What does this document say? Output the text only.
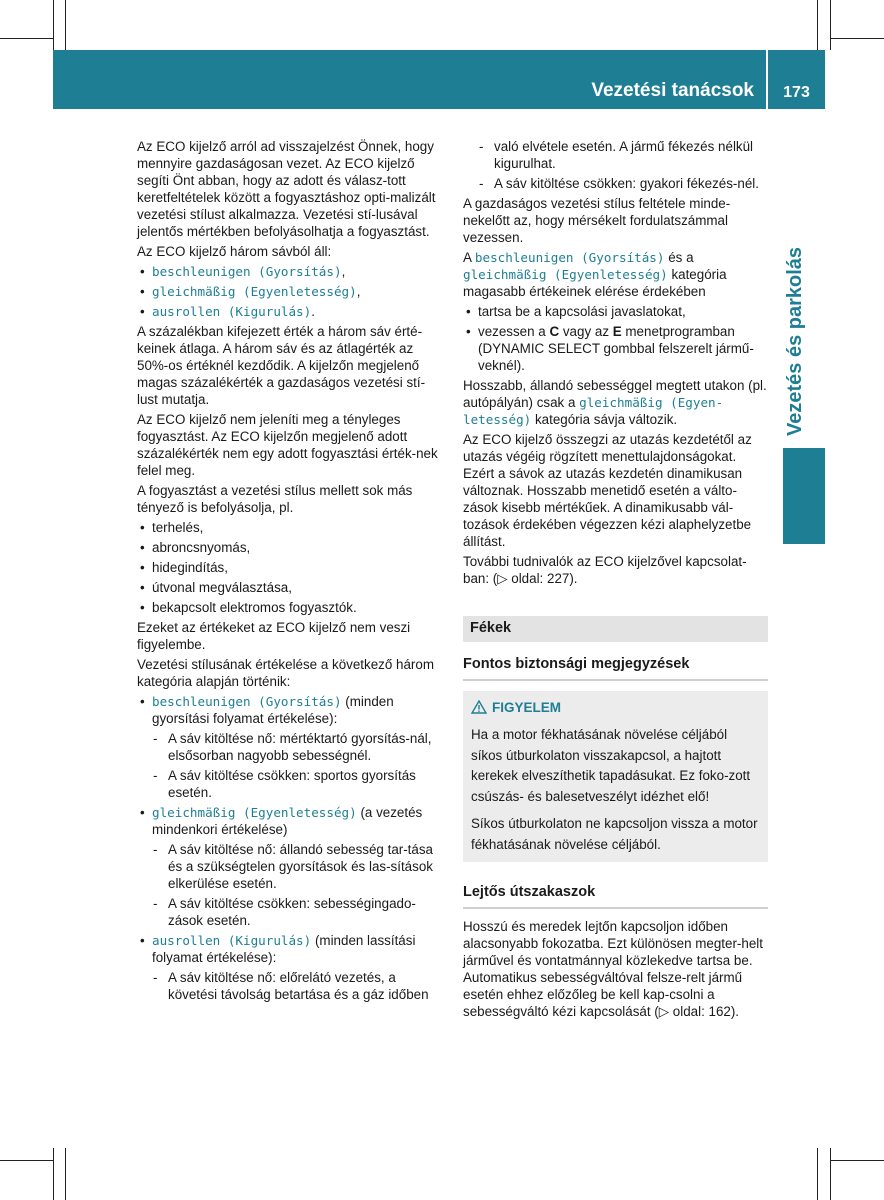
Vezetési tanácsok	173
Vezetés és parkolás

Az ECO kijelző arról ad visszajelzést Önnek, hogy mennyire gazdaságosan vezet. Az ECO kijelző segíti Önt abban, hogy az adott és válasz-tott keretfeltételek között a fogyasztáshoz opti-malizált vezetési stílust alkalmazza. Vezetési stí-lusával jelentős mértékben befolyásolhatja a fogyasztást.

Az ECO kijelző három sávból áll:

• beschleunigen (Gyorsítás),
• gleichmäßig (Egyenletesség),
• ausrollen (Kigurulás).

A százalékban kifejezett érték a három sáv érté-keinek átlaga. A három sáv és az átlagérték az 50%-os értéknél kezdődik. A kijelzőn megjelenő magas százalékérték a gazdaságos vezetési stí-lust mutatja.

Az ECO kijelző nem jeleníti meg a tényleges fogyasztást. Az ECO kijelzőn megjelenő adott százalékérték nem egy adott fogyasztási érték-nek felel meg.

A fogyasztást a vezetési stílus mellett sok más tényező is befolyásolja, pl.

• terhelés,
• abroncsnyomás,
• hidegindítás,
• útvonal megválasztása,
• bekapcsolt elektromos fogyasztók.

Ezeket az értékeket az ECO kijelző nem veszi figyelembe.

Vezetési stílusának értékelése a következő három kategória alapján történik:

• beschleunigen (Gyorsítás) (minden gyorsítási folyamat értékelése):
- A sáv kitöltése nő: mértéktartó gyorsítás-nál, elsősorban nagyobb sebességnél.
- A sáv kitöltése csökken: sportos gyorsítás esetén.
• gleichmäßig (Egyenletesség) (a vezetés mindenkori értékelése)
- A sáv kitöltése nő: állandó sebesség tar-tása és a szükségtelen gyorsítások és las-sítások elkerülése esetén.
- A sáv kitöltése csökken: sebességingado-zások esetén.
• ausrollen (Kigurulás) (minden lassítási folyamat értékelése):
- A sáv kitöltése nő: előrelátó vezetés, a követési távolság betartása és a gáz időben
- való elvétele esetén. A jármű fékezés nélkül kigurulhat.
- A sáv kitöltése csökken: gyakori fékezés-nél.

A gazdaságos vezetési stílus feltétele minde-nekelőtt az, hogy mérsékelt fordulatszámmal vezessen.

A beschleunigen (Gyorsítás) és a gleichmäßig (Egyenletesség) kategória magasabb értékeinek elérése érdekében

• tartsa be a kapcsolási javaslatokat,
• vezessen a C vagy az E menetprogramban (DYNAMIC SELECT gombbal felszerelt jármű-veknél).

Hosszabb, állandó sebességgel megtett utakon (pl. autópályán) csak a gleichmäßig (Egyen-letesség) kategória sávja változik.

Az ECO kijelző összegzi az utazás kezdetétől az utazás végéig rögzített menettulajdonságokat. Ezért a sávok az utazás kezdetén dinamikusan változnak. Hosszabb menetidő esetén a válto-zások kisebb mértékűek. A dinamikusabb vál-tozások érdekében végezzen kézi alaphelyzetbe állítást.

További tudnivalók az ECO kijelzővel kapcsolat-ban: (▷ oldal: 227).

Fékek
Fontos biztonsági megjegyzések
FIGYELEM

Ha a motor fékhatásának növelése céljából síkos útburkolaton visszakapcsol, a hajtott kerekek elveszíthetik tapadásukat. Ez foko-zott csúszás- és balesetveszélyt idézhet elő!

Síkos útburkolaton ne kapcsoljon vissza a motor fékhatásának növelése céljából.

Lejtős útszakaszok

Hosszú és meredek lejtőn kapcsoljon időben alacsonyabb fokozatba. Ezt különösen megter-helt járművel és vontatmánnyal közlekedve tartsa be. Automatikus sebességváltóval felsze-relt jármű esetén ehhez előzőleg be kell kap-csolni a sebességváltó kézi kapcsolását (▷ oldal: 162).
